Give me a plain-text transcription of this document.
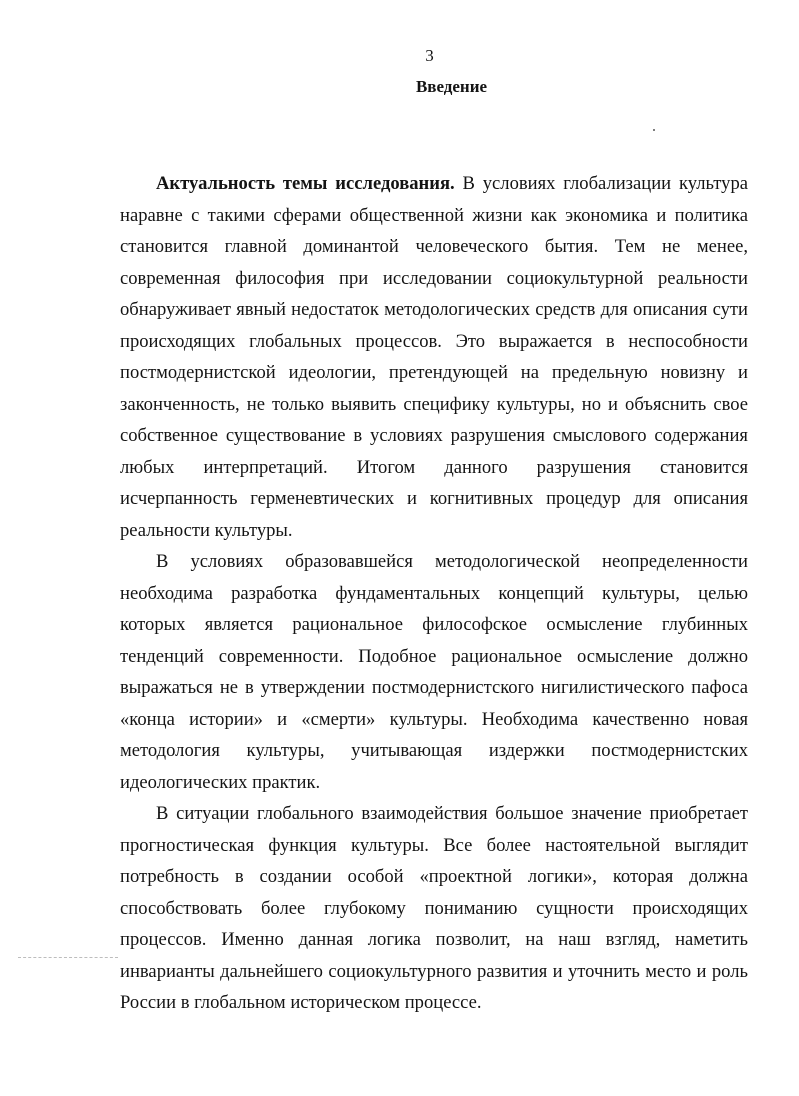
3
Введение

Актуальность темы исследования. В условиях глобализации культура наравне с такими сферами общественной жизни как экономика и политика становится главной доминантой человеческого бытия. Тем не менее, современная философия при исследовании социокультурной реальности обнаруживает явный недостаток методологических средств для описания сути происходящих глобальных процессов. Это выражается в неспособности постмодернистской идеологии, претендующей на предельную новизну и законченность, не только выявить специфику культуры, но и объяснить свое собственное существование в условиях разрушения смыслового содержания любых интерпретаций. Итогом данного разрушения становится исчерпанность герменевтических и когнитивных процедур для описания реальности культуры.

В условиях образовавшейся методологической неопределенности необходима разработка фундаментальных концепций культуры, целью которых является рациональное философское осмысление глубинных тенденций современности. Подобное рациональное осмысление должно выражаться не в утверждении постмодернистского нигилистического пафоса «конца истории» и «смерти» культуры. Необходима качественно новая методология культуры, учитывающая издержки постмодернистских идеологических практик.

В ситуации глобального взаимодействия большое значение приобретает прогностическая функция культуры. Все более настоятельной выглядит потребность в создании особой «проектной логики», которая должна способствовать более глубокому пониманию сущности происходящих процессов. Именно данная логика позволит, на наш взгляд, наметить инварианты дальнейшего социокультурного развития и уточнить место и роль России в глобальном историческом процессе.
